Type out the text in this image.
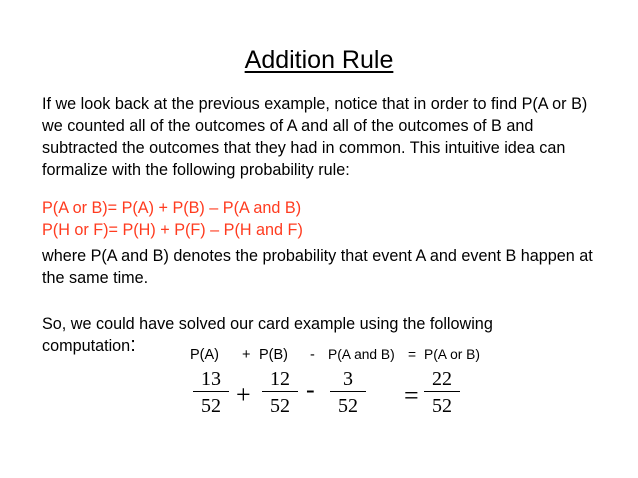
Addition Rule
If we look back at the previous example, notice that in order to find P(A or B) we counted all of the outcomes of A and all of the outcomes of B and subtracted the outcomes that they had in common. This intuitive idea can formalize with the following probability rule:
P(A or B)= P(A) + P(B) – P(A and B)
P(H or F)= P(H) + P(F) – P(H and F)
where P(A and B) denotes the probability that event A and event B happen at the same time.
So, we could have solved our card example using the following
computation:	P(A) + P(B) - P(A and B) = P(A or B)
13
52 +
12
52
-	3
52	=
22
52
